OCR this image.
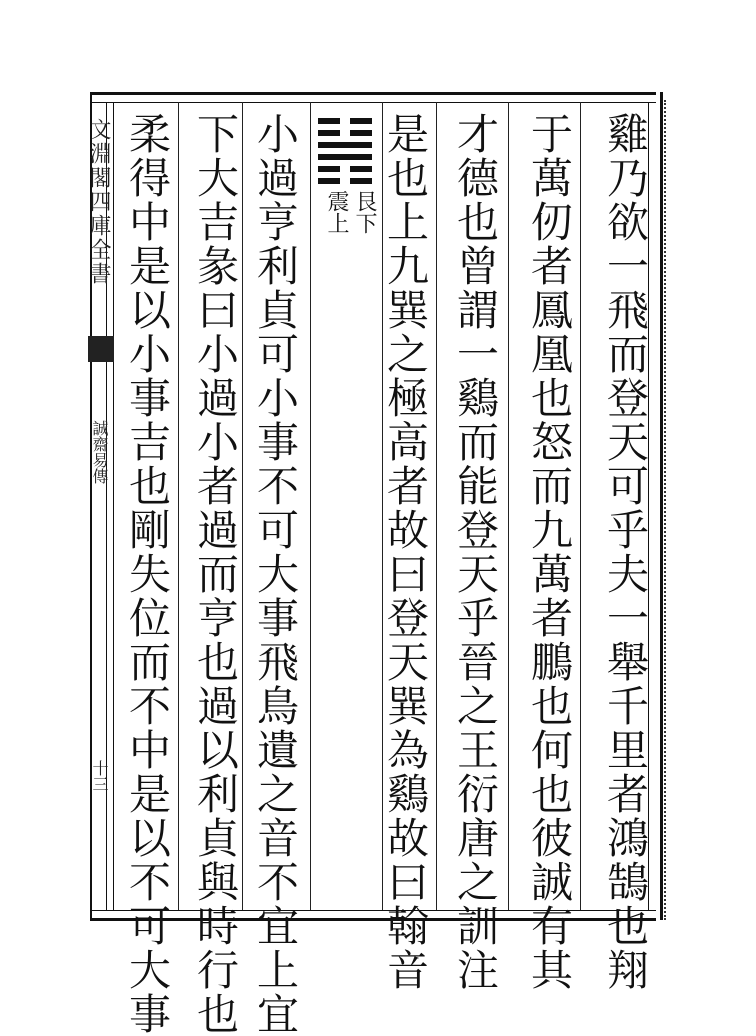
文淵閣四庫全書
誠齋易傳
十三	雞乃欲一飛而登天可乎夫一舉千里者鴻鵠也翔
于萬仞者鳳凰也怒而九萬者鵬也何也彼誠有其
才德也曾謂一鷄而能登天乎晉之王衍唐之訓注
是也上九巽之極高者故曰登天巽為鷄故曰翰音
艮下
震上
小過亨利貞可小事不可大事飛鳥遺之音不宜上宜
下大吉彖曰小過小者過而亨也過以利貞與時行也
柔得中是以小事吉也剛失位而不中是以不可大事
